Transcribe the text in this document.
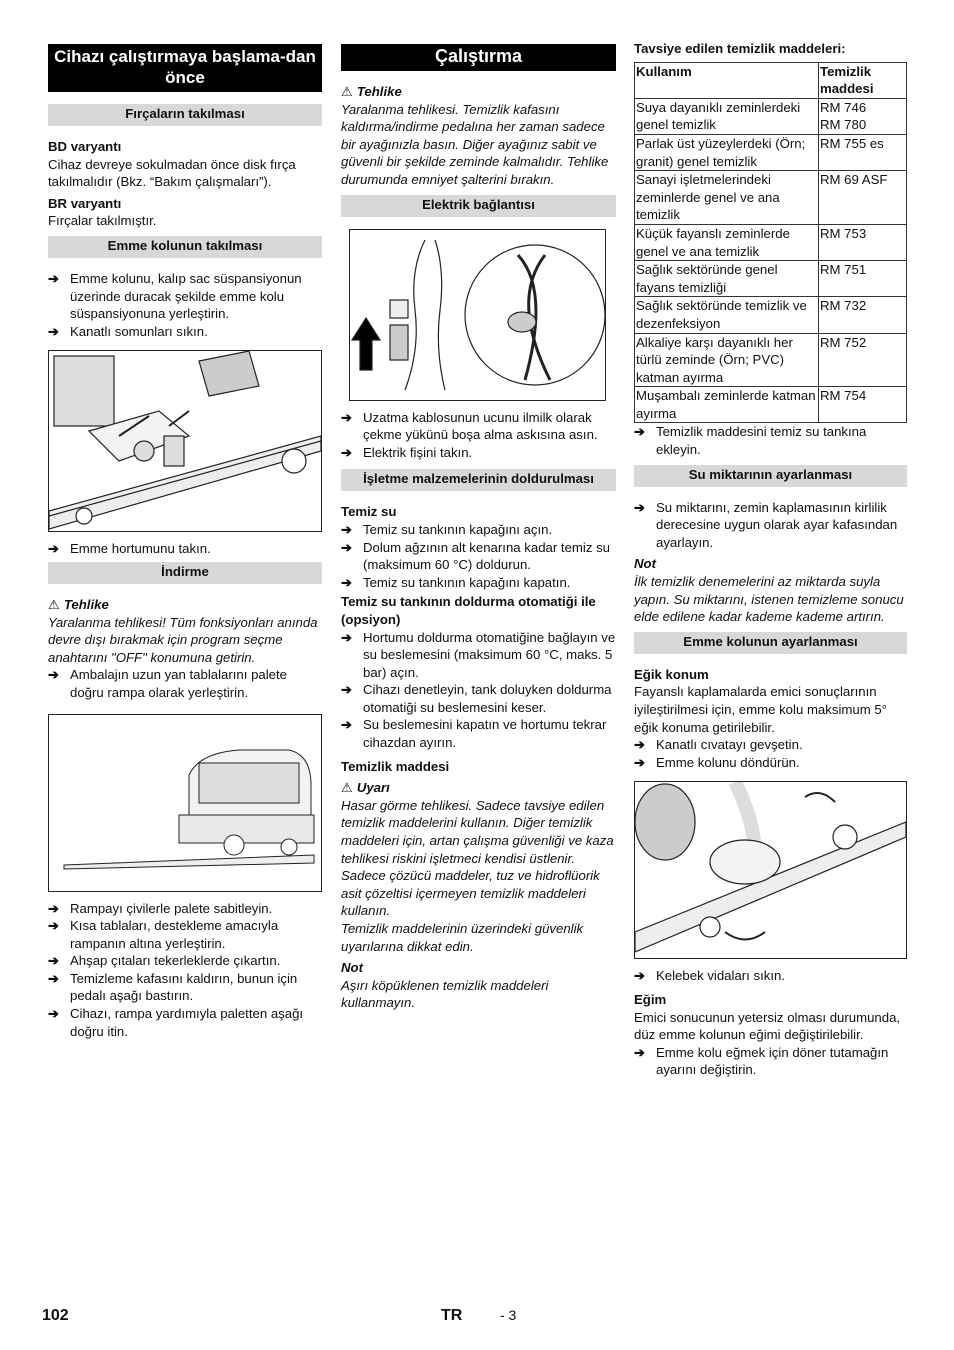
Cihazı çalıştırmaya başlama-dan önce
Fırçaların takılması

BD varyantı

Cihaz devreye sokulmadan önce disk fırça takılmalıdır (Bkz. “Bakım çalışmaları”).

BR varyantı

Fırçalar takılmıştır.

Emme kolunun takılması
➔ Emme kolunu, kalıp sac süspansiyonun üzerinde duracak şekilde emme kolu süspansiyonuna yerleştirin.
➔ Kanatlı somunları sıkın.
➔ Emme hortumunu takın.
İndirme

⚠ Tehlike

Yaralanma tehlikesi! Tüm fonksiyonları anında devre dışı bırakmak için program seçme anahtarını "OFF" konumuna getirin.

➔ Ambalajın uzun yan tablalarını palete doğru rampa olarak yerleştirin.
➔ Rampayı çivilerle palete sabitleyin.
➔ Kısa tablaları, destekleme amacıyla rampanın altına yerleştirin.
➔ Ahşap çıtaları tekerleklerde çıkartın.
➔ Temizleme kafasını kaldırın, bunun için pedalı aşağı bastırın.
➔ Cihazı, rampa yardımıyla paletten aşağı doğru itin.
Çalıştırma

⚠ Tehlike

Yaralanma tehlikesi. Temizlik kafasını kaldırma/indirme pedalına her zaman sadece bir ayağınızla basın. Diğer ayağınız sabit ve güvenli bir şekilde zeminde kalmalıdır. Tehlike durumunda emniyet şalterini bırakın.

Elektrik bağlantısı
➔ Uzatma kablosunun ucunu ilmilk olarak çekme yükünü boşa alma askısına asın.
➔ Elektrik fişini takın.
İşletme malzemelerinin doldurulması

Temiz su

➔ Temiz su tankının kapağını açın.
➔ Dolum ağzının alt kenarına kadar temiz su (maksimum 60 °C) doldurun.
➔ Temiz su tankının kapağını kapatın.

Temiz su tankının doldurma otomatiği ile (opsiyon)

➔ Hortumu doldurma otomatiğine bağlayın ve su beslemesini (maksimum 60 °C, maks. 5 bar) açın.
➔ Cihazı denetleyin, tank doluyken doldurma otomatiği su beslemesini keser.
➔ Su beslemesini kapatın ve hortumu tekrar cihazdan ayırın.

Temizlik maddesi

⚠ Uyarı

Hasar görme tehlikesi. Sadece tavsiye edilen temizlik maddelerini kullanın. Diğer temizlik maddeleri için, artan çalışma güvenliği ve kaza tehlikesi riskini işletmeci kendisi üstlenir.

Sadece çözücü maddeler, tuz ve hidroflüorik asit çözeltisi içermeyen temizlik maddeleri kullanın.

Temizlik maddelerinin üzerindeki güvenlik uyarılarına dikkat edin.

Not

Aşırı köpüklenen temizlik maddeleri kullanmayın.

Tavsiye edilen temizlik maddeleri:

Kullanım	Temizlik maddesi
Suya dayanıklı zeminlerdeki genel temizlik	RM 746
RM 780
Parlak üst yüzeylerdeki (Örn; granit) genel temizlik	RM 755 es
Sanayi işletmelerindeki zeminlerde genel ve ana temizlik	RM 69 ASF
Küçük fayanslı zeminlerde genel ve ana temizlik	RM 753
Sağlık sektöründe genel fayans temizliği	RM 751
Sağlık sektöründe temizlik ve dezenfeksiyon	RM 732
Alkaliye karşı dayanıklı her türlü zeminde (Örn; PVC) katman ayırma	RM 752
Muşambalı zeminlerde katman ayırma	RM 754
➔ Temizlik maddesini temiz su tankına ekleyin.
Su miktarının ayarlanması
➔ Su miktarını, zemin kaplamasının kirlilik derecesine uygun olarak ayar kafasından ayarlayın.

Not

İlk temizlik denemelerini az miktarda suyla yapın. Su miktarını, istenen temizleme sonucu elde edilene kadar kademe kademe artırın.

Emme kolunun ayarlanması

Eğik konum

Fayanslı kaplamalarda emici sonuçlarının iyileştirilmesi için, emme kolu maksimum 5° eğik konuma getirilebilir.

➔ Kanatlı cıvatayı gevşetin.
➔ Emme kolunu döndürün.
➔ Kelebek vidaları sıkın.

Eğim

Emici sonucunun yetersiz olması durumunda, düz emme kolunun eğimi değiştirilebilir.

➔ Emme kolu eğmek için döner tutamağın ayarını değiştirin.
102	TR	- 3
